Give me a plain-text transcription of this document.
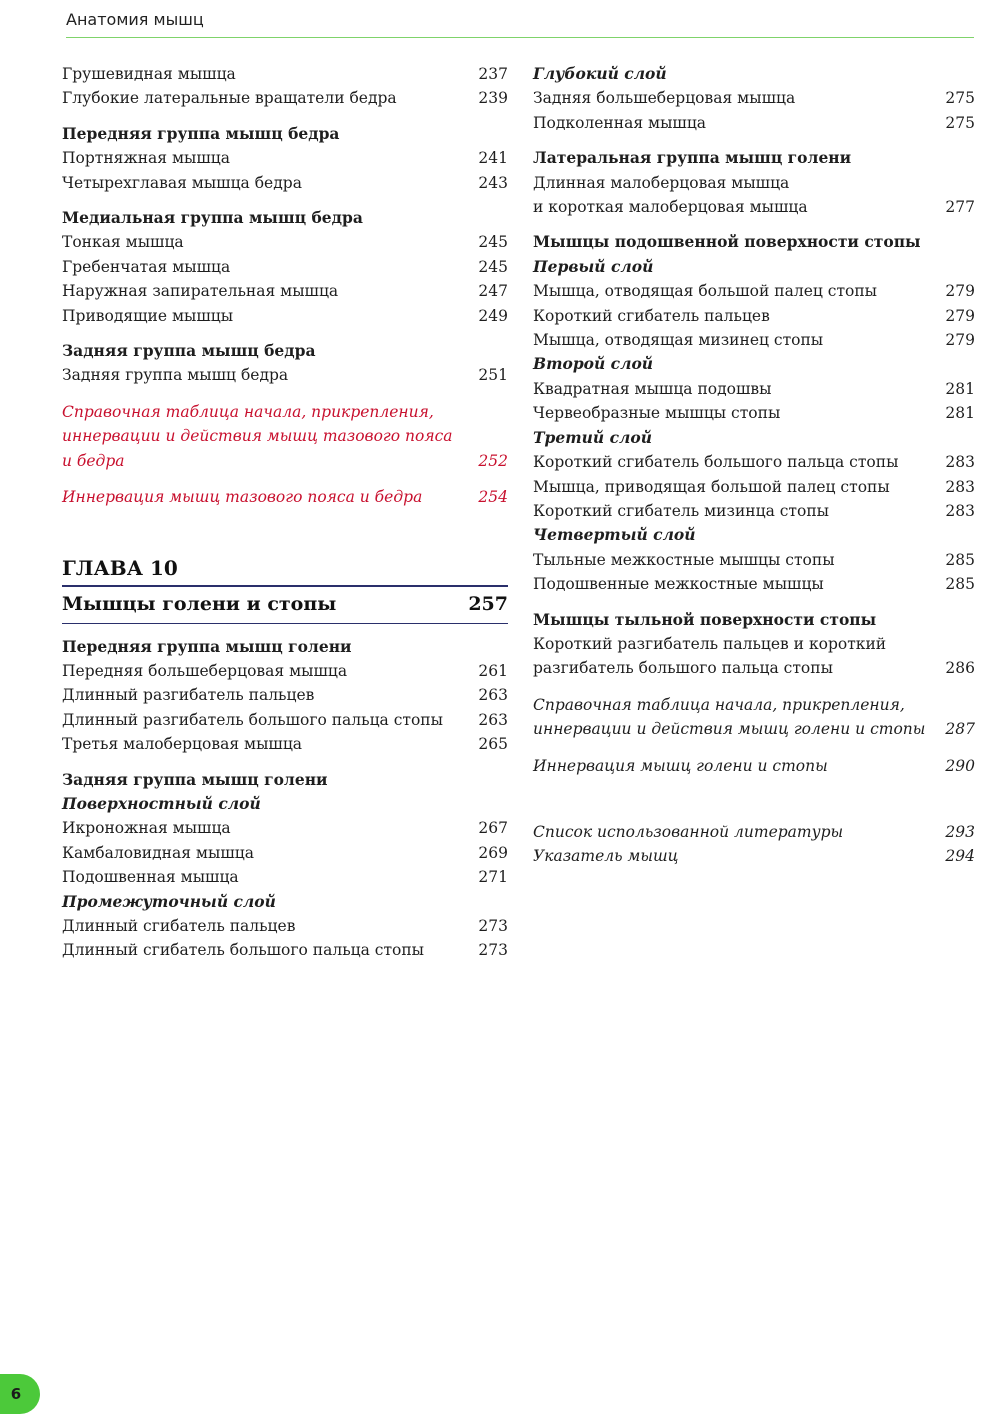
Анатомия мышц
Грушевидная мышца	237
Глубокие латеральные вращатели бедра	239
Передняя группа мышц бедра
Портняжная мышца	241
Четырехглавая мышца бедра	243
Медиальная группа мышц бедра
Тонкая мышца	245
Гребенчатая мышца	245
Наружная запирательная мышца	247
Приводящие мышцы	249
Задняя группа мышц бедра
Задняя группа мышц бедра	251
Справочная таблица начала, прикрепления,
иннервации и действия мышц тазового пояса
и бедра	252
Иннервация мышц тазового пояса и бедра	254
ГЛАВА 10
Мышцы голени и стопы	257
Передняя группа мышц голени
Передняя большеберцовая мышца	261
Длинный разгибатель пальцев	263
Длинный разгибатель большого пальца стопы	263
Третья малоберцовая мышца	265
Задняя группа мышц голени
Поверхностный слой
Икроножная мышца	267
Камбаловидная мышца	269
Подошвенная мышца	271
Промежуточный слой
Длинный сгибатель пальцев	273
Длинный сгибатель большого пальца стопы	273
Глубокий слой
Задняя большеберцовая мышца	275
Подколенная мышца	275
Латеральная группа мышц голени
Длинная малоберцовая мышца
и короткая малоберцовая мышца	277
Мышцы подошвенной поверхности стопы
Первый слой
Мышца, отводящая большой палец стопы	279
Короткий сгибатель пальцев	279
Мышца, отводящая мизинец стопы	279
Второй слой
Квадратная мышца подошвы	281
Червеобразные мышцы стопы	281
Третий слой
Короткий сгибатель большого пальца стопы	283
Мышца, приводящая большой палец стопы	283
Короткий сгибатель мизинца стопы	283
Четвертый слой
Тыльные межкостные мышцы стопы	285
Подошвенные межкостные мышцы	285
Мышцы тыльной поверхности стопы
Короткий разгибатель пальцев и короткий
разгибатель большого пальца стопы	286
Справочная таблица начала, прикрепления,
иннервации и действия мышц голени и стопы	287
Иннервация мышц голени и стопы	290
Список использованной литературы	293
Указатель мышц	294
6
